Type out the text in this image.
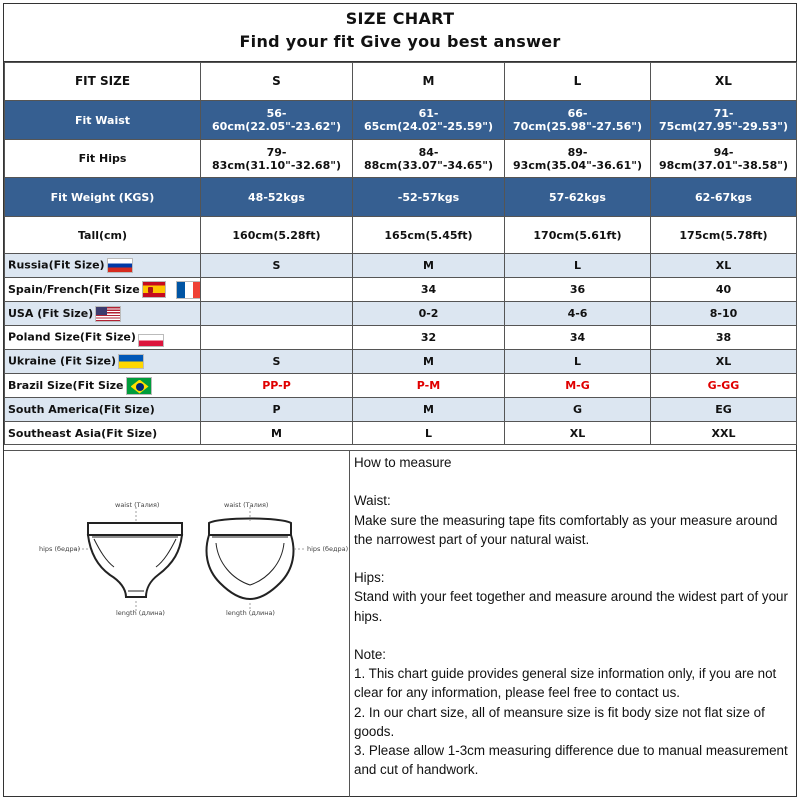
SIZE CHART
Find your fit Give you best answer
FIT SIZE	S	M	L	XL
Fit Waist	56-60cm(22.05"-23.62")	61-65cm(24.02"-25.59")	66-70cm(25.98"-27.56")	71-75cm(27.95"-29.53")
Fit Hips	79-83cm(31.10"-32.68")	84-88cm(33.07"-34.65")	89-93cm(35.04"-36.61")	94-98cm(37.01"-38.58")
Fit Weight (KGS)	48-52kgs	-52-57kgs	57-62kgs	62-67kgs
Tall(cm)	160cm(5.28ft)	165cm(5.45ft)	170cm(5.61ft)	175cm(5.78ft)
Russia(Fit Size)	S	M	L	XL
Spain/French(Fit Size		34	36	40
USA (Fit Size)		0-2	4-6	8-10
Poland Size(Fit Size)		32	34	38
Ukraine (Fit Size)	S	M	L	XL
Brazil Size(Fit Size	PP-P	P-M	M-G	G-GG
South America(Fit Size)	P	M	G	EG
Southeast Asia(Fit Size)	M	L	XL	XXL
waist (Талия)	waist (Талия)
hips (бедра)	hips (бедра)
length (длина)	length (длина)

How to measure

Waist:

Make sure the measuring tape fits comfortably as your measure around the narrowest part of your natural waist.

Hips:

Stand with your feet together and measure around the widest part of your hips.

Note:

1. This chart guide provides general size information only, if you are not clear for any information, please feel free to contact us.

2. In our chart size, all of meansure size is fit body size not flat size of goods.

3. Please allow 1-3cm measuring difference due to manual measurement and cut of handwork.
